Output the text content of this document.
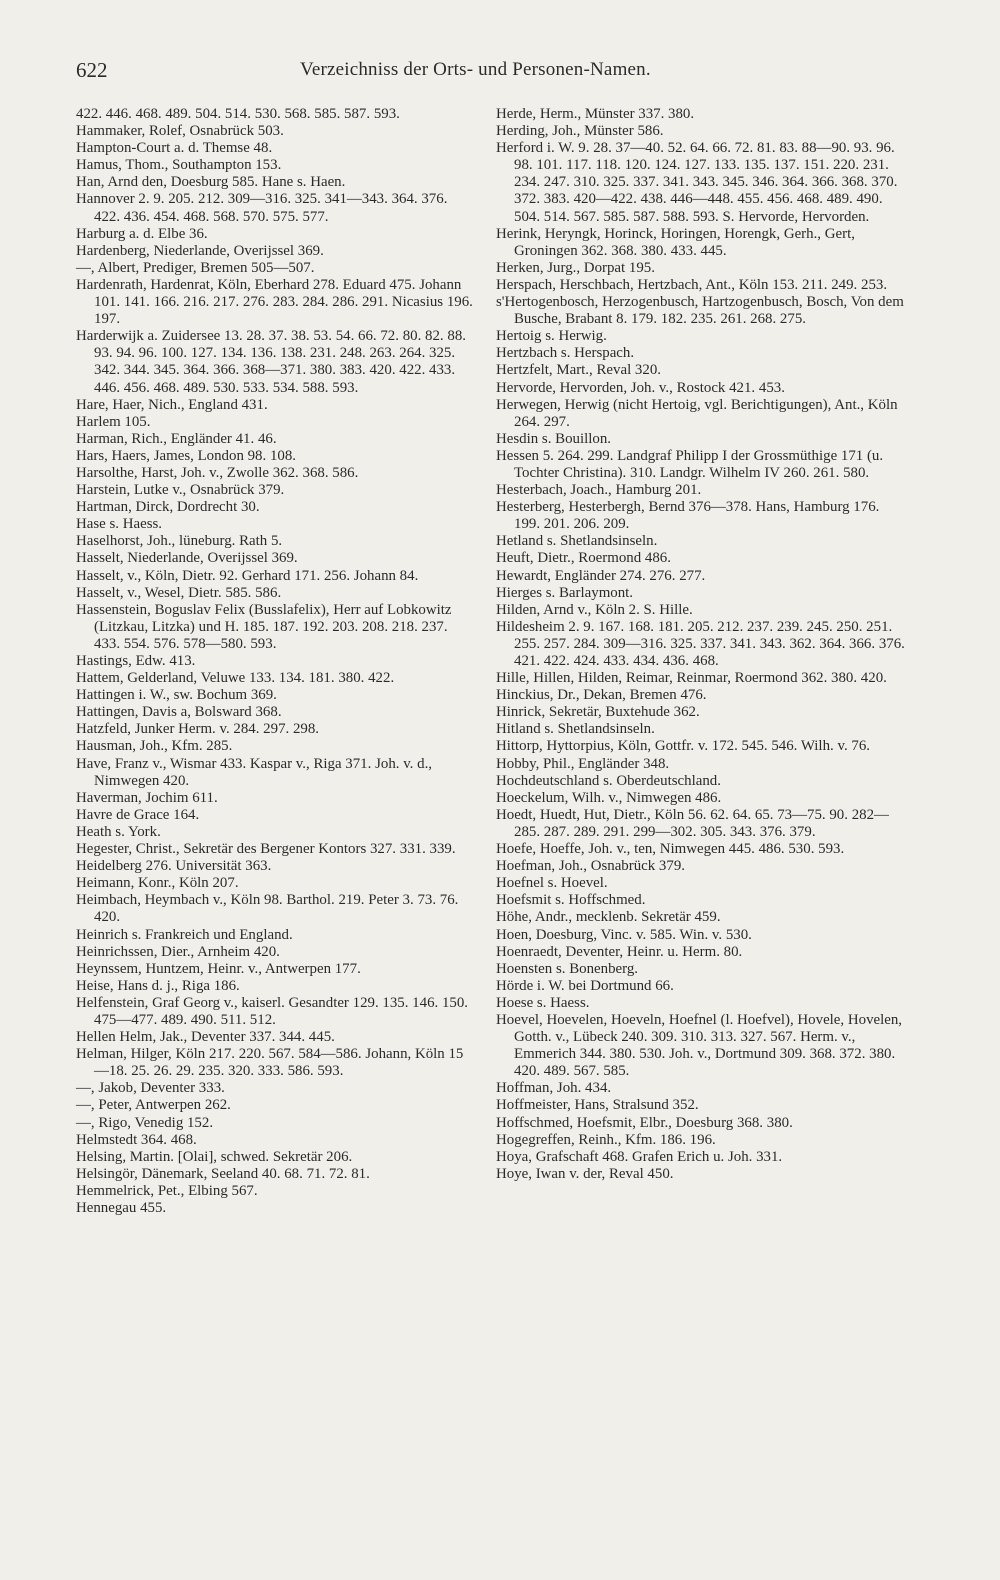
622	Verzeichniss der Orts- und Personen-Namen.
422. 446. 468. 489. 504. 514. 530. 568. 585. 587. 593.
Hammaker, Rolef, Osnabrück 503.
Hampton-Court a. d. Themse 48.
Hamus, Thom., Southampton 153.
Han, Arnd den, Doesburg 585. Hane s. Haen.
Hannover 2. 9. 205. 212. 309—316. 325. 341—343. 364. 376. 422. 436. 454. 468. 568. 570. 575. 577.
Harburg a. d. Elbe 36.
Hardenberg, Niederlande, Overijssel 369.
—, Albert, Prediger, Bremen 505—507.
Hardenrath, Hardenrat, Köln, Eberhard 278. Eduard 475. Johann 101. 141. 166. 216. 217. 276. 283. 284. 286. 291. Nicasius 196. 197.
Harderwijk a. Zuidersee 13. 28. 37. 38. 53. 54. 66. 72. 80. 82. 88. 93. 94. 96. 100. 127. 134. 136. 138. 231. 248. 263. 264. 325. 342. 344. 345. 364. 366. 368—371. 380. 383. 420. 422. 433. 446. 456. 468. 489. 530. 533. 534. 588. 593.
Hare, Haer, Nich., England 431.
Harlem 105.
Harman, Rich., Engländer 41. 46.
Hars, Haers, James, London 98. 108.
Harsolthe, Harst, Joh. v., Zwolle 362. 368. 586.
Harstein, Lutke v., Osnabrück 379.
Hartman, Dirck, Dordrecht 30.
Hase s. Haess.
Haselhorst, Joh., lüneburg. Rath 5.
Hasselt, Niederlande, Overijssel 369.
Hasselt, v., Köln, Dietr. 92. Gerhard 171. 256. Johann 84.
Hasselt, v., Wesel, Dietr. 585. 586.
Hassenstein, Boguslav Felix (Busslafelix), Herr auf Lobkowitz (Litzkau, Litzka) und H. 185. 187. 192. 203. 208. 218. 237. 433. 554. 576. 578—580. 593.
Hastings, Edw. 413.
Hattem, Gelderland, Veluwe 133. 134. 181. 380. 422.
Hattingen i. W., sw. Bochum 369.
Hattingen, Davis a, Bolsward 368.
Hatzfeld, Junker Herm. v. 284. 297. 298.
Hausman, Joh., Kfm. 285.
Have, Franz v., Wismar 433. Kaspar v., Riga 371. Joh. v. d., Nimwegen 420.
Haverman, Jochim 611.
Havre de Grace 164.
Heath s. York.
Hegester, Christ., Sekretär des Bergener Kontors 327. 331. 339.
Heidelberg 276. Universität 363.
Heimann, Konr., Köln 207.
Heimbach, Heymbach v., Köln 98. Barthol. 219. Peter 3. 73. 76. 420.
Heinrich s. Frankreich und England.
Heinrichssen, Dier., Arnheim 420.
Heynssem, Huntzem, Heinr. v., Antwerpen 177.
Heise, Hans d. j., Riga 186.
Helfenstein, Graf Georg v., kaiserl. Gesandter 129. 135. 146. 150. 475—477. 489. 490. 511. 512.
Hellen Helm, Jak., Deventer 337. 344. 445.
Helman, Hilger, Köln 217. 220. 567. 584—586. Johann, Köln 15—18. 25. 26. 29. 235. 320. 333. 586. 593.
—, Jakob, Deventer 333.
—, Peter, Antwerpen 262.
—, Rigo, Venedig 152.
Helmstedt 364. 468.
Helsing, Martin. [Olai], schwed. Sekretär 206.
Helsingör, Dänemark, Seeland 40. 68. 71. 72. 81.
Hemmelrick, Pet., Elbing 567.
Hennegau 455.
Herde, Herm., Münster 337. 380.
Herding, Joh., Münster 586.
Herford i. W. 9. 28. 37—40. 52. 64. 66. 72. 81. 83. 88—90. 93. 96. 98. 101. 117. 118. 120. 124. 127. 133. 135. 137. 151. 220. 231. 234. 247. 310. 325. 337. 341. 343. 345. 346. 364. 366. 368. 370. 372. 383. 420—422. 438. 446—448. 455. 456. 468. 489. 490. 504. 514. 567. 585. 587. 588. 593. S. Hervorde, Hervorden.
Herink, Heryngk, Horinck, Horingen, Horengk, Gerh., Gert, Groningen 362. 368. 380. 433. 445.
Herken, Jurg., Dorpat 195.
Herspach, Herschbach, Hertzbach, Ant., Köln 153. 211. 249. 253.
s'Hertogenbosch, Herzogenbusch, Hartzogenbusch, Bosch, Von dem Busche, Brabant 8. 179. 182. 235. 261. 268. 275.
Hertoig s. Herwig.
Hertzbach s. Herspach.
Hertzfelt, Mart., Reval 320.
Hervorde, Hervorden, Joh. v., Rostock 421. 453.
Herwegen, Herwig (nicht Hertoig, vgl. Berichtigungen), Ant., Köln 264. 297.
Hesdin s. Bouillon.
Hessen 5. 264. 299. Landgraf Philipp I der Grossmüthige 171 (u. Tochter Christina). 310. Landgr. Wilhelm IV 260. 261. 580.
Hesterbach, Joach., Hamburg 201.
Hesterberg, Hesterbergh, Bernd 376—378. Hans, Hamburg 176. 199. 201. 206. 209.
Hetland s. Shetlandsinseln.
Heuft, Dietr., Roermond 486.
Hewardt, Engländer 274. 276. 277.
Hierges s. Barlaymont.
Hilden, Arnd v., Köln 2. S. Hille.
Hildesheim 2. 9. 167. 168. 181. 205. 212. 237. 239. 245. 250. 251. 255. 257. 284. 309—316. 325. 337. 341. 343. 362. 364. 366. 376. 421. 422. 424. 433. 434. 436. 468.
Hille, Hillen, Hilden, Reimar, Reinmar, Roermond 362. 380. 420.
Hinckius, Dr., Dekan, Bremen 476.
Hinrick, Sekretär, Buxtehude 362.
Hitland s. Shetlandsinseln.
Hittorp, Hyttorpius, Köln, Gottfr. v. 172. 545. 546. Wilh. v. 76.
Hobby, Phil., Engländer 348.
Hochdeutschland s. Oberdeutschland.
Hoeckelum, Wilh. v., Nimwegen 486.
Hoedt, Huedt, Hut, Dietr., Köln 56. 62. 64. 65. 73—75. 90. 282—285. 287. 289. 291. 299—302. 305. 343. 376. 379.
Hoefe, Hoeffe, Joh. v., ten, Nimwegen 445. 486. 530. 593.
Hoefman, Joh., Osnabrück 379.
Hoefnel s. Hoevel.
Hoefsmit s. Hoffschmed.
Höhe, Andr., mecklenb. Sekretär 459.
Hoen, Doesburg, Vinc. v. 585. Win. v. 530.
Hoenraedt, Deventer, Heinr. u. Herm. 80.
Hoensten s. Bonenberg.
Hörde i. W. bei Dortmund 66.
Hoese s. Haess.
Hoevel, Hoevelen, Hoeveln, Hoefnel (l. Hoefvel), Hovele, Hovelen, Gotth. v., Lübeck 240. 309. 310. 313. 327. 567. Herm. v., Emmerich 344. 380. 530. Joh. v., Dortmund 309. 368. 372. 380. 420. 489. 567. 585.
Hoffman, Joh. 434.
Hoffmeister, Hans, Stralsund 352.
Hoffschmed, Hoefsmit, Elbr., Doesburg 368. 380.
Hogegreffen, Reinh., Kfm. 186. 196.
Hoya, Grafschaft 468. Grafen Erich u. Joh. 331.
Hoye, Iwan v. der, Reval 450.
